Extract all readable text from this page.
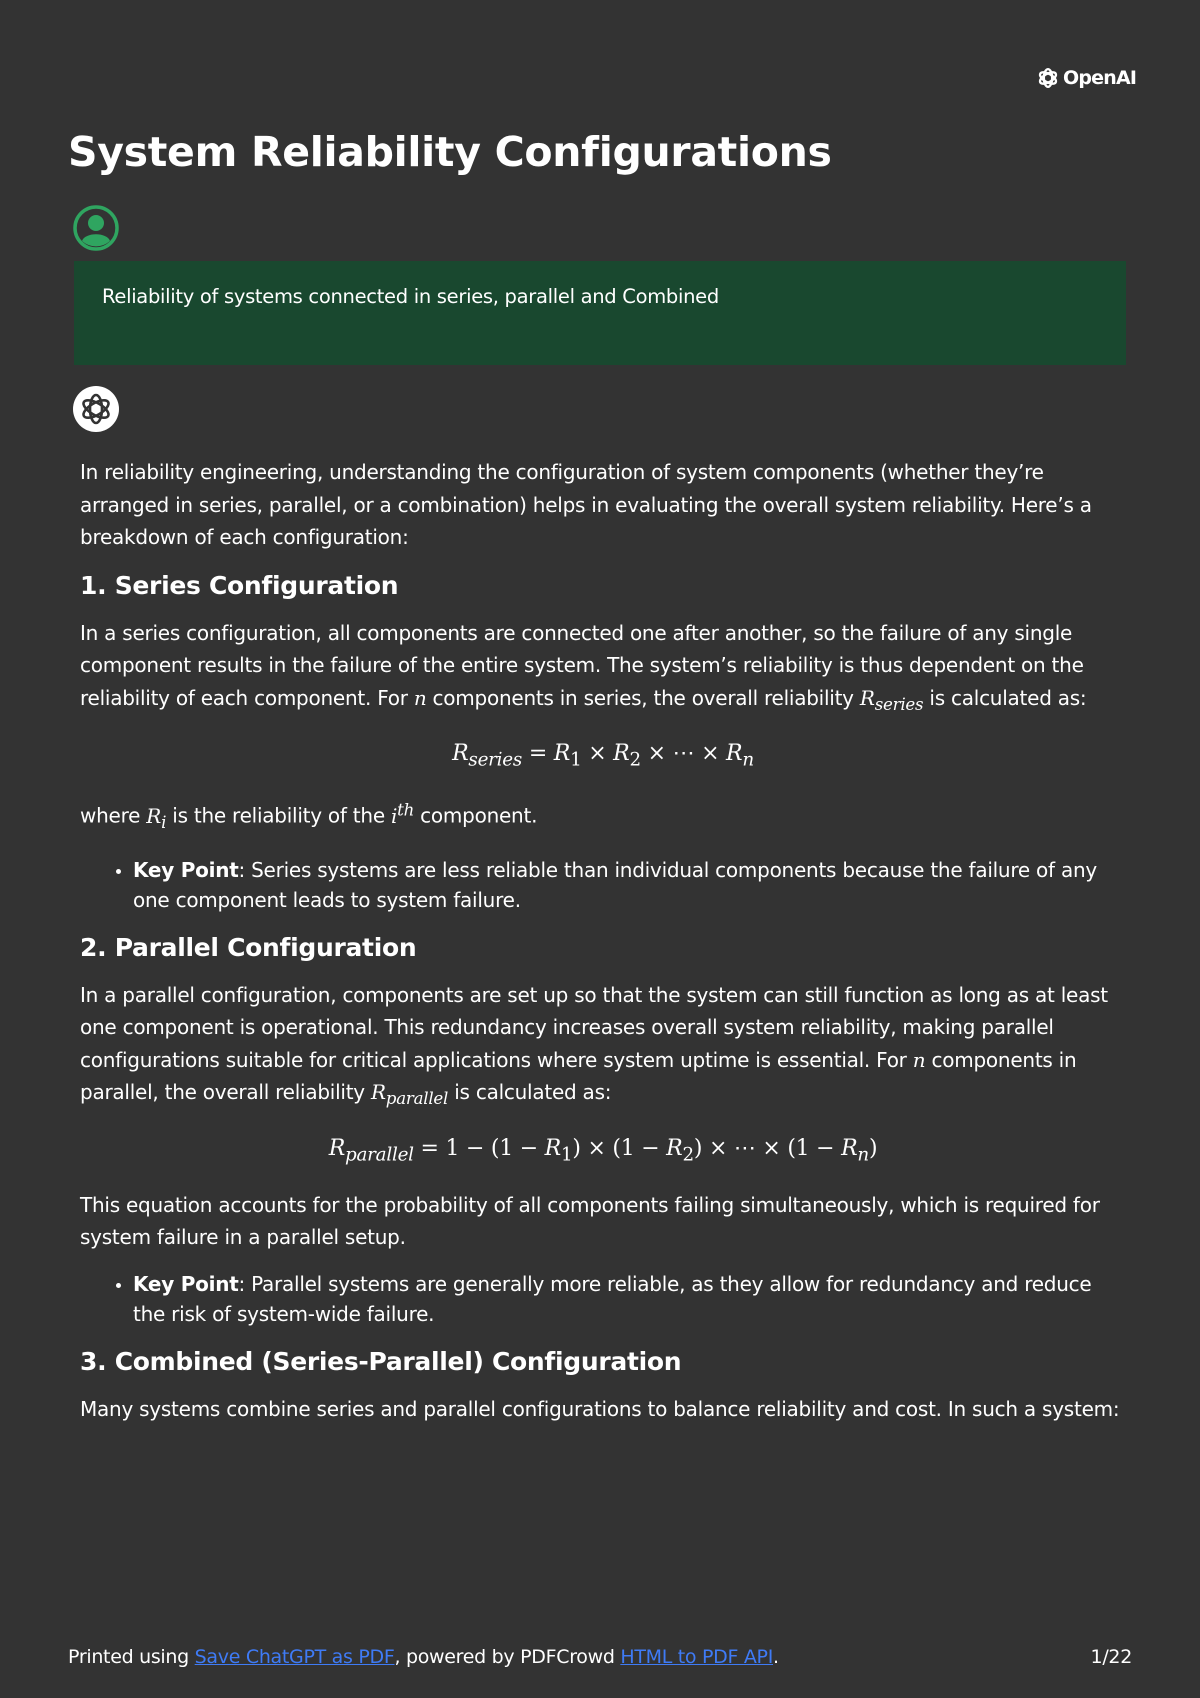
OpenAI
System Reliability Configurations
Reliability of systems connected in series, parallel and Combined

In reliability engineering, understanding the configuration of system components (whether they’re arranged in series, parallel, or a combination) helps in evaluating the overall system reliability. Here’s a breakdown of each configuration:

1. Series Configuration

In a series configuration, all components are connected one after another, so the failure of any single component results in the failure of the entire system. The system’s reliability is thus dependent on the reliability of each component. For n components in series, the overall reliability $R_{series}$ is calculated as:

$R_{series} = R_1 \times R_2$ × ⋯ × $R_n$

where $R_i$ is the reliability of the $i^{th}$ component.

• Key Point: Series systems are less reliable than individual components because the failure of any one component leads to system failure.
2. Parallel Configuration

In a parallel configuration, components are set up so that the system can still function as long as at least one component is operational. This redundancy increases overall system reliability, making parallel configurations suitable for critical applications where system uptime is essential. For n components in parallel, the overall reliability $R_{parallel}$ is calculated as:

$R_{parallel} = 1 - (1 - R_1) \times (1 - R_2)$ × ⋯ × $(1 - R_n)$

This equation accounts for the probability of all components failing simultaneously, which is required for system failure in a parallel setup.

• Key Point: Parallel systems are generally more reliable, as they allow for redundancy and reduce the risk of system-wide failure.
3. Combined (Series-Parallel) Configuration

Many systems combine series and parallel configurations to balance reliability and cost. In such a system:

Printed using Save ChatGPT as PDF, powered by PDFCrowd HTML to PDF API.	1/22
